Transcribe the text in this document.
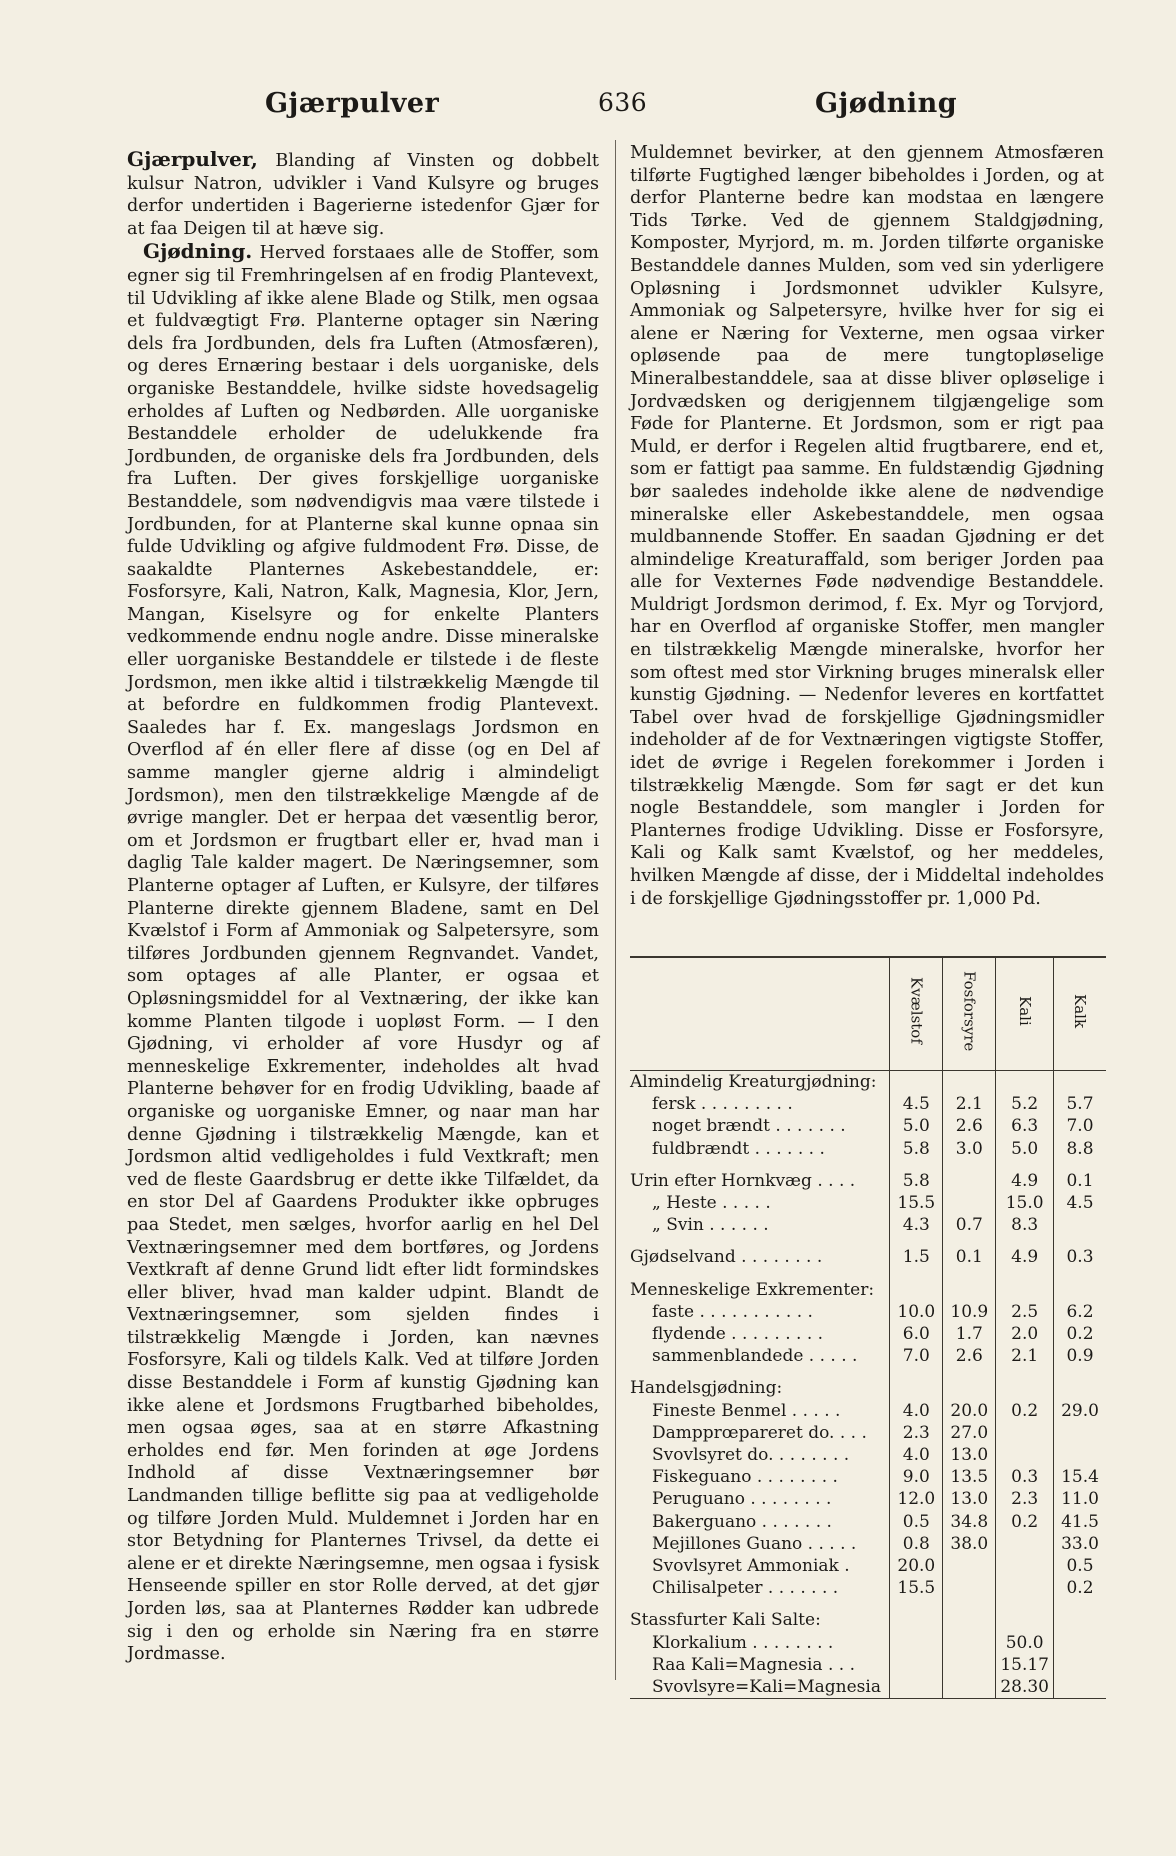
Gjærpulver	636	Gjødning

Gjærpulver, Blanding af Vinsten og dobbelt kulsur Natron, udvikler i Vand Kulsyre og bruges derfor undertiden i Bagerierne istedenfor Gjær for at faa Deigen til at hæve sig.

Gjødning. Herved forstaaes alle de Stoffer, som egner sig til Fremhringelsen af en frodig Plantevext, til Udvikling af ikke alene Blade og Stilk, men ogsaa et fuldvægtigt Frø. Planterne optager sin Næring dels fra Jordbunden, dels fra Luften (Atmosfæren), og deres Ernæring bestaar i dels uorganiske, dels organiske Bestanddele, hvilke sidste hovedsagelig erholdes af Luften og Nedbørden. Alle uorganiske Bestanddele erholder de udelukkende fra Jordbunden, de organiske dels fra Jordbunden, dels fra Luften. Der gives forskjellige uorganiske Bestanddele, som nødvendigvis maa være tilstede i Jordbunden, for at Planterne skal kunne opnaa sin fulde Udvikling og afgive fuldmodent Frø. Disse, de saakaldte Planternes Askebestanddele, er: Fosforsyre, Kali, Natron, Kalk, Magnesia, Klor, Jern, Mangan, Kiselsyre og for enkelte Planters vedkommende endnu nogle andre. Disse mineralske eller uorganiske Bestanddele er tilstede i de fleste Jordsmon, men ikke altid i tilstrækkelig Mængde til at befordre en fuldkommen frodig Plantevext. Saaledes har f. Ex. mangeslags Jordsmon en Overflod af én eller flere af disse (og en Del af samme mangler gjerne aldrig i almindeligt Jordsmon), men den tilstrækkelige Mængde af de øvrige mangler. Det er herpaa det væsentlig beror, om et Jordsmon er frugtbart eller er, hvad man i daglig Tale kalder magert. De Næringsemner, som Planterne optager af Luften, er Kulsyre, der tilføres Planterne direkte gjennem Bladene, samt en Del Kvælstof i Form af Ammoniak og Salpetersyre, som tilføres Jordbunden gjennem Regnvandet. Vandet, som optages af alle Planter, er ogsaa et Opløsningsmiddel for al Vextnæring, der ikke kan komme Planten tilgode i uopløst Form. — I den Gjødning, vi erholder af vore Husdyr og af menneskelige Exkrementer, indeholdes alt hvad Planterne behøver for en frodig Udvikling, baade af organiske og uorganiske Emner, og naar man har denne Gjødning i tilstrækkelig Mængde, kan et Jordsmon altid vedligeholdes i fuld Vextkraft; men ved de fleste Gaardsbrug er dette ikke Tilfældet, da en stor Del af Gaardens Produkter ikke opbruges paa Stedet, men sælges, hvorfor aarlig en hel Del Vextnæringsemner med dem bortføres, og Jordens Vextkraft af denne Grund lidt efter lidt formindskes eller bliver, hvad man kalder udpint. Blandt de Vextnæringsemner, som sjelden findes i tilstrækkelig Mængde i Jorden, kan nævnes Fosforsyre, Kali og tildels Kalk. Ved at tilføre Jorden disse Bestanddele i Form af kunstig Gjødning kan ikke alene et Jordsmons Frugtbarhed bibeholdes, men ogsaa øges, saa at en større Afkastning erholdes end før. Men forinden at øge Jordens Indhold af disse Vextnæringsemner bør Landmanden tillige beflitte sig paa at vedligeholde og tilføre Jorden Muld. Muldemnet i Jorden har en stor Betydning for Planternes Trivsel, da dette ei alene er et direkte Næringsemne, men ogsaa i fysisk Henseende spiller en stor Rolle derved, at det gjør Jorden løs, saa at Planternes Rødder kan udbrede sig i den og erholde sin Næring fra en større Jordmasse.

Muldemnet bevirker, at den gjennem Atmosfæren tilførte Fugtighed længer bibeholdes i Jorden, og at derfor Planterne bedre kan modstaa en længere Tids Tørke. Ved de gjennem Staldgjødning, Komposter, Myrjord, m. m. Jorden tilførte organiske Bestanddele dannes Mulden, som ved sin yderligere Opløsning i Jordsmonnet udvikler Kulsyre, Ammoniak og Salpetersyre, hvilke hver for sig ei alene er Næring for Vexterne, men ogsaa virker opløsende paa de mere tungtopløselige Mineralbestanddele, saa at disse bliver opløselige i Jordvædsken og derigjennem tilgjængelige som Føde for Planterne. Et Jordsmon, som er rigt paa Muld, er derfor i Regelen altid frugtbarere, end et, som er fattigt paa samme. En fuldstændig Gjødning bør saaledes indeholde ikke alene de nødvendige mineralske eller Askebestanddele, men ogsaa muldbannende Stoffer. En saadan Gjødning er det almindelige Kreaturaffald, som beriger Jorden paa alle for Vexternes Føde nødvendige Bestanddele. Muldrigt Jordsmon derimod, f. Ex. Myr og Torvjord, har en Overflod af organiske Stoffer, men mangler en tilstrækkelig Mængde mineralske, hvorfor her som oftest med stor Virkning bruges mineralsk eller kunstig Gjødning. — Nedenfor leveres en kortfattet Tabel over hvad de forskjellige Gjødningsmidler indeholder af de for Vextnæringen vigtigste Stoffer, idet de øvrige i Regelen forekommer i Jorden i tilstrækkelig Mængde. Som før sagt er det kun nogle Bestanddele, som mangler i Jorden for Planternes frodige Udvikling. Disse er Fosforsyre, Kali og Kalk samt Kvælstof, og her meddeles, hvilken Mængde af disse, der i Middeltal indeholdes i de forskjellige Gjødningsstoffer pr. 1,000 Pd.

	Kvælstof	Fosforsyre	Kali	Kalk
Almindelig Kreaturgjødning:				
fersk . . . . . . . . .	4.5	2.1	5.2	5.7
noget brændt . . . . . . .	5.0	2.6	6.3	7.0
fuldbrændt . . . . . . .	5.8	3.0	5.0	8.8
Urin efter Hornkvæg . . . .	5.8		4.9	0.1
„ Heste . . . . .	15.5		15.0	4.5
„ Svin . . . . . .	4.3	0.7	8.3	
Gjødselvand . . . . . . . .	1.5	0.1	4.9	0.3
Menneskelige Exkrementer:				
faste . . . . . . . . . . .	10.0	10.9	2.5	6.2
flydende . . . . . . . . .	6.0	1.7	2.0	0.2
sammenblandede . . . . .	7.0	2.6	2.1	0.9
Handelsgjødning:				
Fineste Benmel . . . . .	4.0	20.0	0.2	29.0
Dampprœpareret do. . . .	2.3	27.0		
Svovlsyret do. . . . . . . .	4.0	13.0		
Fiskeguano . . . . . . . .	9.0	13.5	0.3	15.4
Peruguano . . . . . . . .	12.0	13.0	2.3	11.0
Bakerguano . . . . . . .	0.5	34.8	0.2	41.5
Mejillones Guano . . . . .	0.8	38.0		33.0
Svovlsyret Ammoniak .	20.0			0.5
Chilisalpeter . . . . . . .	15.5			0.2
Stassfurter Kali Salte:				
Klorkalium . . . . . . . .			50.0	
Raa Kali=Magnesia . . .			15.17	
Svovlsyre=Kali=Magnesia			28.30	
